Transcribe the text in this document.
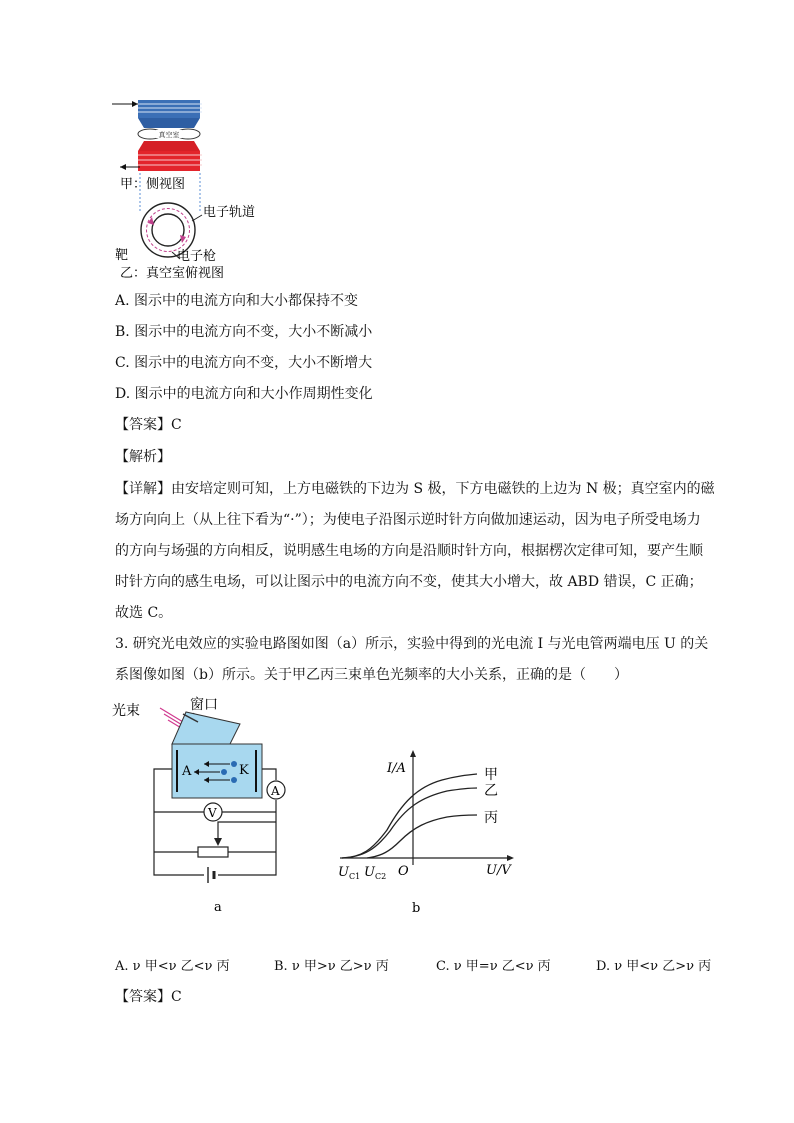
真空室
甲：侧视图
电子轨道
靶	电子枪
乙：真空室俯视图
A. 图示中的电流方向和大小都保持不变
B. 图示中的电流方向不变，大小不断减小
C. 图示中的电流方向不变，大小不断增大
D. 图示中的电流方向和大小作周期性变化
【答案】C
【解析】
【详解】由安培定则可知，上方电磁铁的下边为 S 极，下方电磁铁的上边为 N 极；真空室内的磁
场方向向上（从上往下看为“·”）；为使电子沿图示逆时针方向做加速运动，因为电子所受电场力
的方向与场强的方向相反，说明感生电场的方向是沿顺时针方向，根据楞次定律可知，要产生顺
时针方向的感生电场，可以让图示中的电流方向不变，使其大小增大，故 ABD 错误，C 正确；
故选 C。
3. 研究光电效应的实验电路图如图（a）所示，实验中得到的光电流 I 与光电管两端电压 U 的关
系图像如图（b）所示。关于甲乙丙三束单色光频率的大小关系，正确的是（　　）
光束	窗口
A	K
A
V
a
I/A
U/V
O
$U_{C1}$ $U_{C2}$
甲
乙
丙
b
A. ν 甲<ν 乙<ν 丙	B. ν 甲>ν 乙>ν 丙	C. ν 甲=ν 乙<ν 丙	D. ν 甲<ν 乙>ν 丙
【答案】C
